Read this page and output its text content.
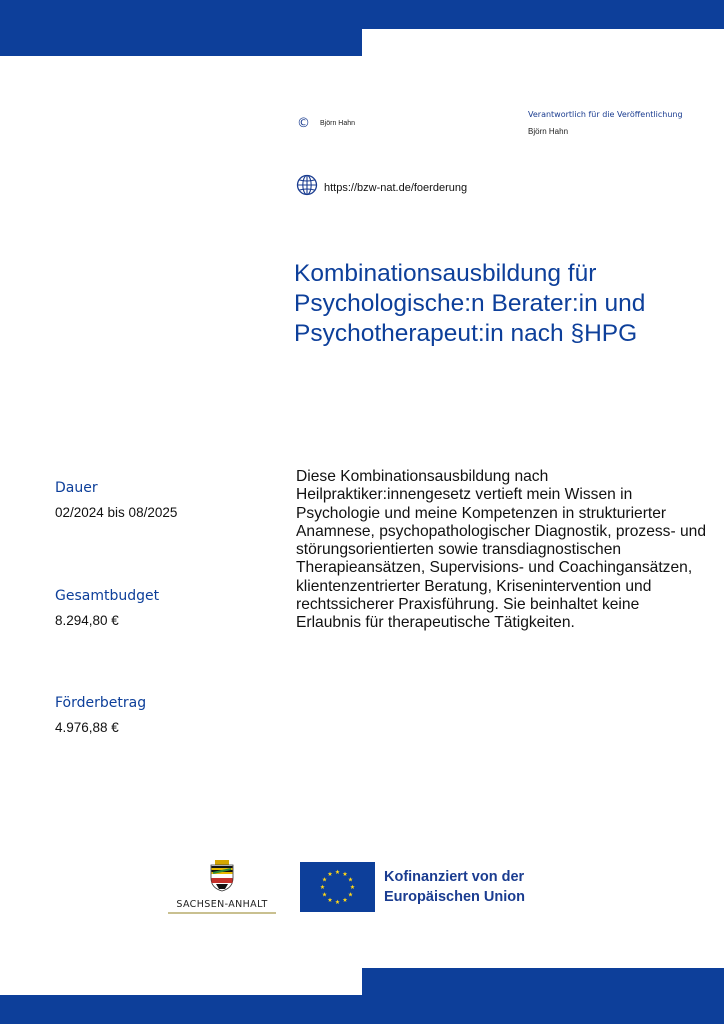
© Björn Hahn
Verantwortlich für die Veröffentlichung
Björn Hahn
https://bzw-nat.de/foerderung
Kombinationsausbildung für Psychologische:n Berater:in und Psychotherapeut:in nach §HPG
Diese Kombinationsausbildung nach Heilpraktiker:innengesetz vertieft mein Wissen in Psychologie und meine Kompetenzen in strukturierter Anamnese, psychopathologischer Diagnostik, prozess- und störungsorientierten sowie transdiagnostischen Therapieansätzen, Supervisions- und Coachingansätzen, klientenzentrierter Beratung, Krisenintervention und rechtssicherer Praxisführung. Sie beinhaltet keine Erlaubnis für therapeutische Tätigkeiten.
Dauer
02/2024 bis 08/2025
Gesamtbudget
8.294,80 €
Förderbetrag
4.976,88 €
SACHSEN-ANHALT
Kofinanziert von der
Europäischen Union
